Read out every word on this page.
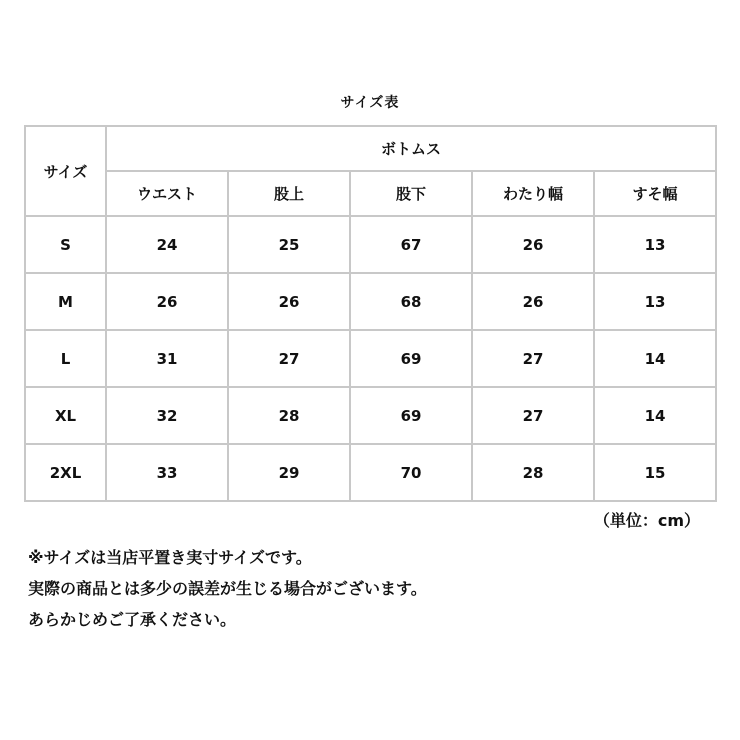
サイズ表
サイズ	ボトムス				
	ウエスト	股上	股下	わたり幅	すそ幅
S	24	25	67	26	13
M	26	26	68	26	13
L	31	27	69	27	14
XL	32	28	69	27	14
2XL	33	29	70	28	15
（単位：cm）
※サイズは当店平置き実寸サイズです。
実際の商品とは多少の誤差が生じる場合がございます。
あらかじめご了承ください。
